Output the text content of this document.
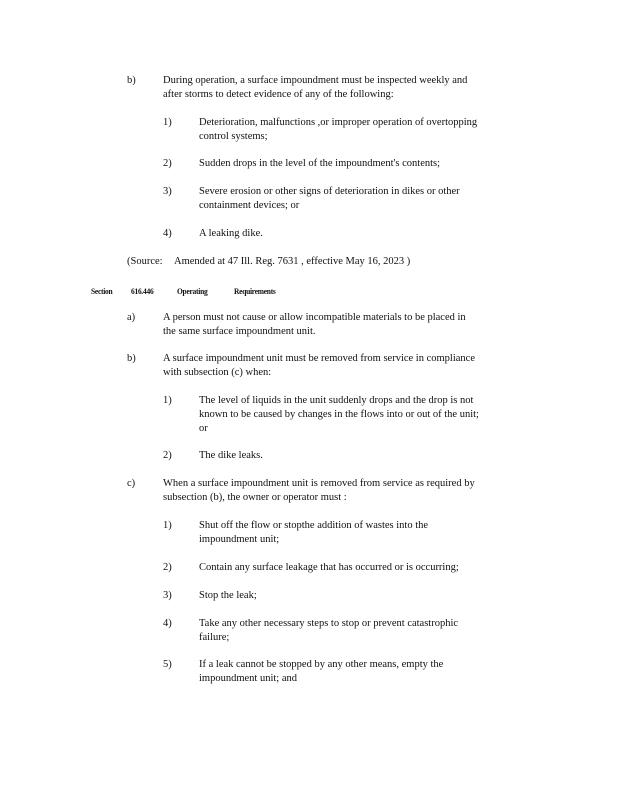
b)	During operation, a surface impoundment must be inspected weekly and
after storms to detect evidence of any of the following:
1)	Deterioration, malfunctions ,or improper operation of overtopping
control systems;
2)	Sudden drops in the level of the impoundment's contents;
3)	Severe erosion or other signs of deterioration in dikes or other
containment devices; or
4)	A leaking dike.
(Source: Amended at 47 Ill. Reg. 7631 , effective May 16, 2023 )
Section 616.446	Operating	Requirements
a)	A person must not cause or allow incompatible materials to be placed in
the same surface impoundment unit.
b)	A surface impoundment unit must be removed from service in compliance
with subsection (c) when:
1)	The level of liquids in the unit suddenly drops and the drop is not
known to be caused by changes in the flows into or out of the unit;
or
2)	The dike leaks.
c)	When a surface impoundment unit is removed from service as required by
subsection (b), the owner or operator must :
1)	Shut off the flow or stopthe addition of wastes into the
impoundment unit;
2)	Contain any surface leakage that has occurred or is occurring;
3)	Stop the leak;
4)	Take any other necessary steps to stop or prevent catastrophic
failure;
5)	If a leak cannot be stopped by any other means, empty the
impoundment unit; and
